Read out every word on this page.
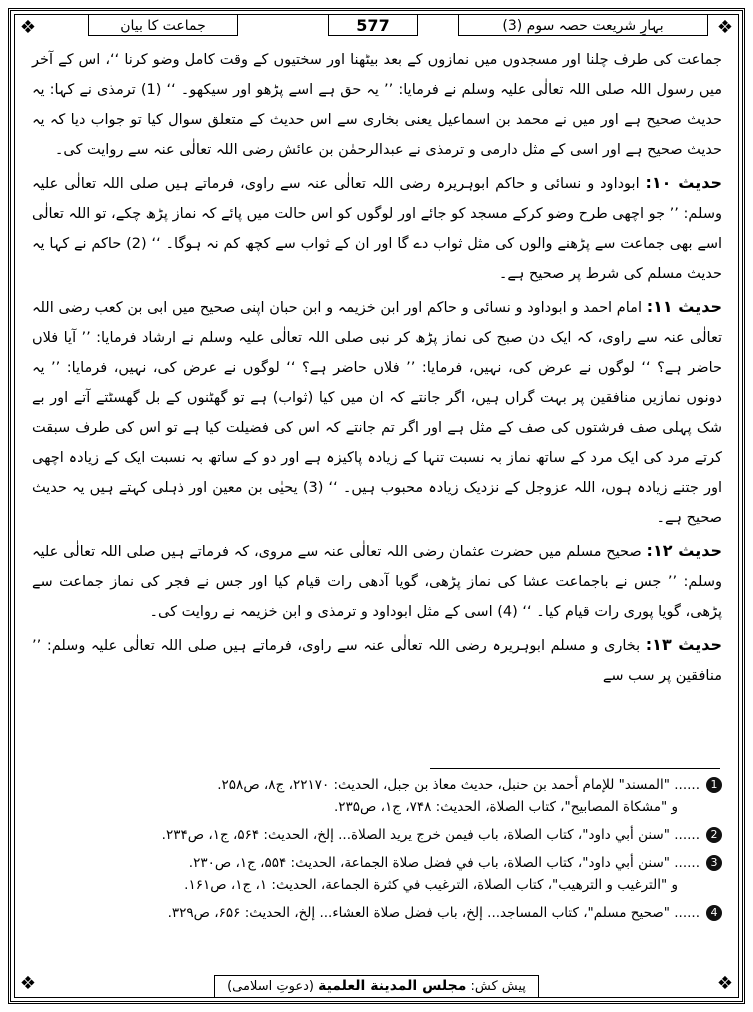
❖	❖
❖	❖
جماعت کا بیان	577	بہارِ شریعت حصہ سوم (3)

جماعت کی طرف چلنا اور مسجدوں میں نمازوں کے بعد بیٹھنا اور سختیوں کے وقت کامل وضو کرنا ‘‘، اس کے آخر میں رسول اللہ صلی اللہ تعالٰی علیہ وسلم نے فرمایا: ’’ یہ حق ہے اسے پڑھو اور سیکھو۔ ‘‘ (1) ترمذی نے کہا: یہ حدیث صحیح ہے اور میں نے محمد بن اسماعیل یعنی بخاری سے اس حدیث کے متعلق سوال کیا تو جواب دیا کہ یہ حدیث صحیح ہے اور اسی کے مثل دارمی و ترمذی نے عبدالرحمٰن بن عائش رضی اللہ تعالٰی عنہ سے روایت کی۔

حدیث ۱۰: ابوداود و نسائی و حاکم ابوہریرہ رضی اللہ تعالٰی عنہ سے راوی، فرماتے ہیں صلی اللہ تعالٰی علیہ وسلم: ’’ جو اچھی طرح وضو کرکے مسجد کو جائے اور لوگوں کو اس حالت میں پائے کہ نماز پڑھ چکے، تو اللہ تعالٰی اسے بھی جماعت سے پڑھنے والوں کی مثل ثواب دے گا اور ان کے ثواب سے کچھ کم نہ ہوگا۔ ‘‘ (2) حاکم نے کہا یہ حدیث مسلم کی شرط پر صحیح ہے۔

حدیث ۱۱: امام احمد و ابوداود و نسائی و حاکم اور ابن خزیمہ و ابن حبان اپنی صحیح میں ابی بن کعب رضی اللہ تعالٰی عنہ سے راوی، کہ ایک دن صبح کی نماز پڑھ کر نبی صلی اللہ تعالٰی علیہ وسلم نے ارشاد فرمایا: ’’ آیا فلاں حاضر ہے؟ ‘‘ لوگوں نے عرض کی، نہیں، فرمایا: ’’ فلاں حاضر ہے؟ ‘‘ لوگوں نے عرض کی، نہیں، فرمایا: ’’ یہ دونوں نمازیں منافقین پر بہت گراں ہیں، اگر جانتے کہ ان میں کیا (ثواب) ہے تو گھٹنوں کے بل گھسٹتے آتے اور بے شک پہلی صف فرشتوں کی صف کے مثل ہے اور اگر تم جانتے کہ اس کی فضیلت کیا ہے تو اس کی طرف سبقت کرتے مرد کی ایک مرد کے ساتھ نماز بہ نسبت تنہا کے زیادہ پاکیزہ ہے اور دو کے ساتھ بہ نسبت ایک کے زیادہ اچھی اور جتنے زیادہ ہوں، اللہ عزوجل کے نزدیک زیادہ محبوب ہیں۔ ‘‘ (3) یحیٰی بن معین اور ذہلی کہتے ہیں یہ حدیث صحیح ہے۔

حدیث ۱۲: صحیح مسلم میں حضرت عثمان رضی اللہ تعالٰی عنہ سے مروی، کہ فرماتے ہیں صلی اللہ تعالٰی علیہ وسلم: ’’ جس نے باجماعت عشا کی نماز پڑھی، گویا آدھی رات قیام کیا اور جس نے فجر کی نماز جماعت سے پڑھی، گویا پوری رات قیام کیا۔ ‘‘ (4) اسی کے مثل ابوداود و ترمذی و ابن خزیمہ نے روایت کی۔

حدیث ۱۳: بخاری و مسلم ابوہریرہ رضی اللہ تعالٰی عنہ سے راوی، فرماتے ہیں صلی اللہ تعالٰی علیہ وسلم: ’’ منافقین پر سب سے

1
...... "المسند" للإمام أحمد بن حنبل، حديث معاذ بن جبل، الحديث: ۲۲۱۷۰، ج۸، ص۲۵۸.
و "مشكاة المصابيح"، كتاب الصلاة، الحديث: ۷۴۸، ج۱، ص۲۳۵.
2
...... "سنن أبي داود"، كتاب الصلاة، باب فيمن خرج يريد الصلاة... إلخ، الحديث: ۵۶۴، ج۱، ص۲۳۴.
3
...... "سنن أبي داود"، كتاب الصلاة، باب في فضل صلاة الجماعة، الحديث: ۵۵۴، ج۱، ص۲۳۰.
و "الترغيب و الترهيب"، كتاب الصلاة، الترغيب في كثرة الجماعة، الحديث: ۱، ج۱، ص۱۶۱.
4
...... "صحيح مسلم"، كتاب المساجد... إلخ، باب فضل صلاة العشاء... إلخ، الحديث: ۶۵۶، ص۳۲۹.
پیش کش: مجلس المدينة العلمية (دعوتِ اسلامی)
